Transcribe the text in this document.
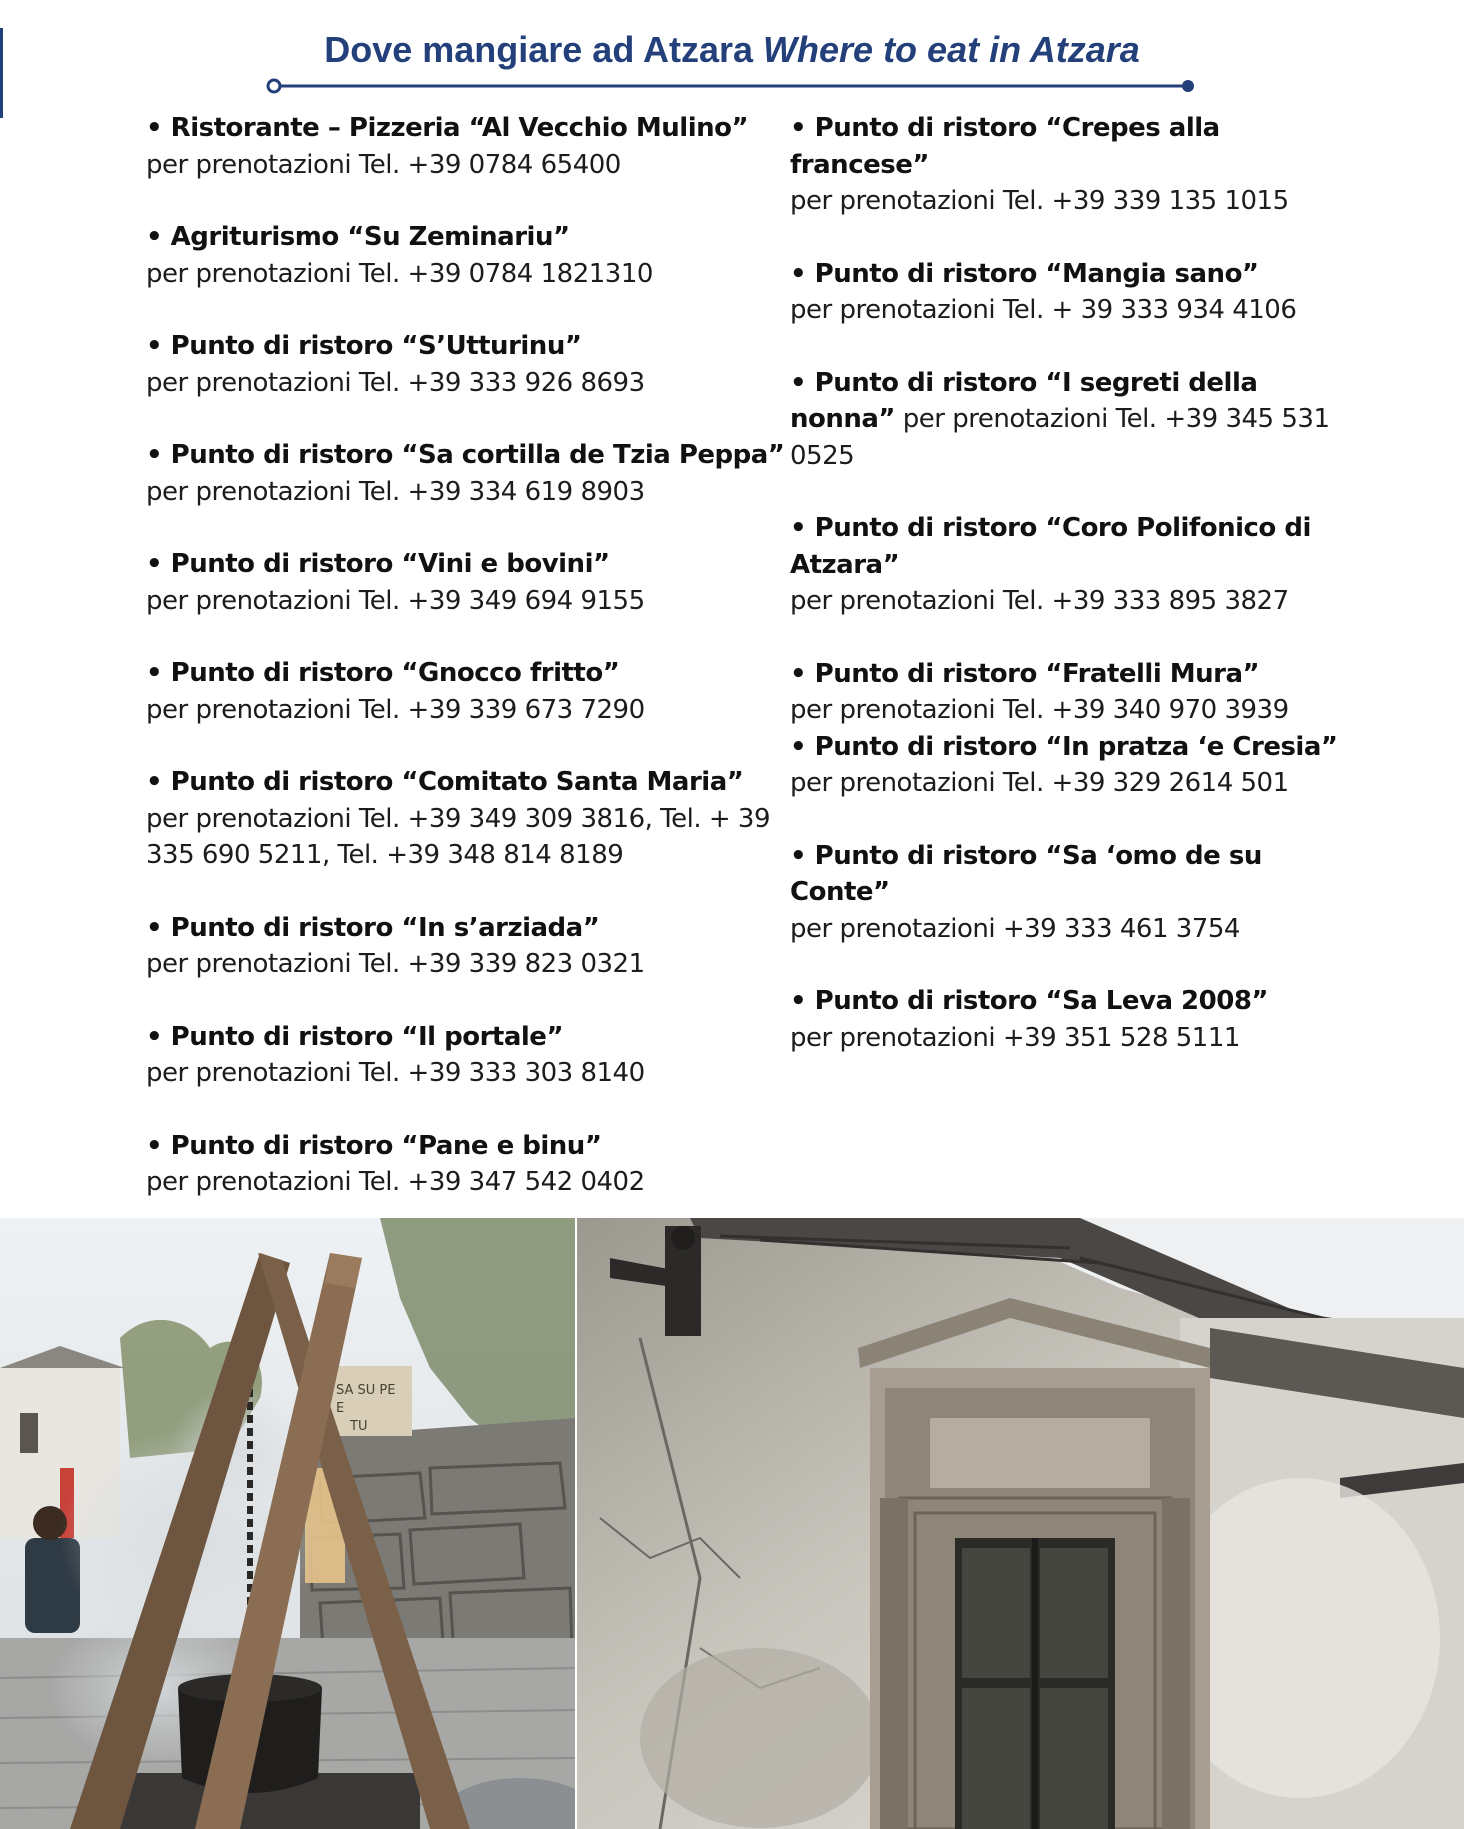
Dove mangiare ad Atzara Where to eat in Atzara
• Ristorante – Pizzeria “Al Vecchio Mulino”
per prenotazioni Tel. +39 0784 65400
• Agriturismo “Su Zeminariu”
per prenotazioni Tel. +39 0784 1821310
• Punto di ristoro “S’Utturinu”
per prenotazioni Tel. +39 333 926 8693
• Punto di ristoro “Sa cortilla de Tzia Peppa”
per prenotazioni Tel. +39 334 619 8903
• Punto di ristoro “Vini e bovini”
per prenotazioni Tel. +39 349 694 9155
• Punto di ristoro “Gnocco fritto”
per prenotazioni Tel. +39 339 673 7290
• Punto di ristoro “Comitato Santa Maria”
per prenotazioni Tel. +39 349 309 3816, Tel. + 39 335 690 5211, Tel. +39 348 814 8189
• Punto di ristoro “In s’arziada”
per prenotazioni Tel. +39 339 823 0321
• Punto di ristoro “Il portale”
per prenotazioni Tel. +39 333 303 8140
• Punto di ristoro “Pane e binu”
per prenotazioni Tel. +39 347 542 0402
• Punto di ristoro “Crepes alla francese”
per prenotazioni Tel. +39 339 135 1015
• Punto di ristoro “Mangia sano”
per prenotazioni Tel. + 39 333 934 4106
• Punto di ristoro “I segreti della nonna” per prenotazioni Tel. +39 345 531 0525
• Punto di ristoro “Coro Polifonico di Atzara”
per prenotazioni Tel. +39 333 895 3827
• Punto di ristoro “Fratelli Mura”
per prenotazioni Tel. +39 340 970 3939
• Punto di ristoro “In pratza ‘e Cresia”
per prenotazioni Tel. +39 329 2614 501
• Punto di ristoro “Sa ‘omo de su Conte”
per prenotazioni +39 333 461 3754
• Punto di ristoro “Sa Leva 2008”
per prenotazioni +39 351 528 5111
SA SU PE
E
TU
